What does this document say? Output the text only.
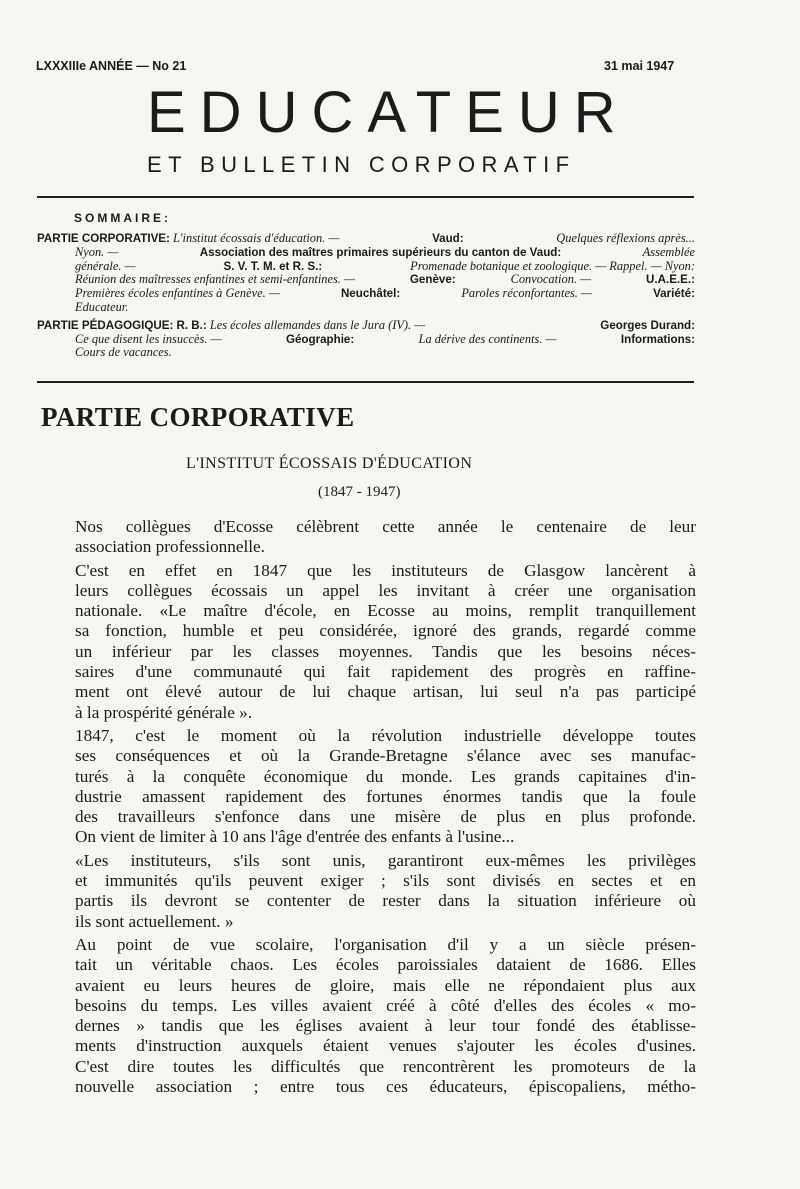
LXXXIIIe ANNÉE — No 21	31 mai 1947
EDUCATEUR
ET BULLETIN CORPORATIF
SOMMAIRE:
PARTIE CORPORATIVE: L'institut écossais d'éducation. —	Vaud:	Quelques réflexions après...
Nyon. —	Association des maîtres primaires supérieurs du canton de Vaud:	Assemblée
générale. —	S. V. T. M. et R. S.:	Promenade botanique et zoologique. — Rappel. — Nyon:
Réunion des maîtresses enfantines et semi-enfantines. —	Genève:	Convocation. —	U.A.E.E.:
Premières écoles enfantines à Genève. —	Neuchâtel:	Paroles réconfortantes. —	Variété:
Educateur.
PARTIE PÉDAGOGIQUE: R. B.: Les écoles allemandes dans le Jura (IV). —	Georges Durand:
Ce que disent les insuccès. —	Géographie:	La dérive des continents. —	Informations:
Cours de vacances.
PARTIE CORPORATIVE
L'INSTITUT ÉCOSSAIS D'ÉDUCATION
(1847 - 1947)

Nos collègues d'Ecosse célèbrent cette année le centenaire de leur
association professionnelle.

C'est en effet en 1847 que les instituteurs de Glasgow lancèrent à
leurs collègues écossais un appel les invitant à créer une organisation
nationale. «Le maître d'école, en Ecosse au moins, remplit tranquillement
sa fonction, humble et peu considérée, ignoré des grands, regardé comme
un inférieur par les classes moyennes. Tandis que les besoins néces-
saires d'une communauté qui fait rapidement des progrès en raffine-
ment ont élevé autour de lui chaque artisan, lui seul n'a pas participé
à la prospérité générale ».

1847, c'est le moment où la révolution industrielle développe toutes
ses conséquences et où la Grande-Bretagne s'élance avec ses manufac-
turés à la conquête économique du monde. Les grands capitaines d'in-
dustrie amassent rapidement des fortunes énormes tandis que la foule
des travailleurs s'enfonce dans une misère de plus en plus profonde.
On vient de limiter à 10 ans l'âge d'entrée des enfants à l'usine...

«Les instituteurs, s'ils sont unis, garantiront eux-mêmes les privilèges
et immunités qu'ils peuvent exiger ; s'ils sont divisés en sectes et en
partis ils devront se contenter de rester dans la situation inférieure où
ils sont actuellement. »

Au point de vue scolaire, l'organisation d'il y a un siècle présen-
tait un véritable chaos. Les écoles paroissiales dataient de 1686. Elles
avaient eu leurs heures de gloire, mais elle ne répondaient plus aux
besoins du temps. Les villes avaient créé à côté d'elles des écoles « mo-
dernes » tandis que les églises avaient à leur tour fondé des établisse-
ments d'instruction auxquels étaient venues s'ajouter les écoles d'usines.
C'est dire toutes les difficultés que rencontrèrent les promoteurs de la
nouvelle association ; entre tous ces éducateurs, épiscopaliens, métho-
